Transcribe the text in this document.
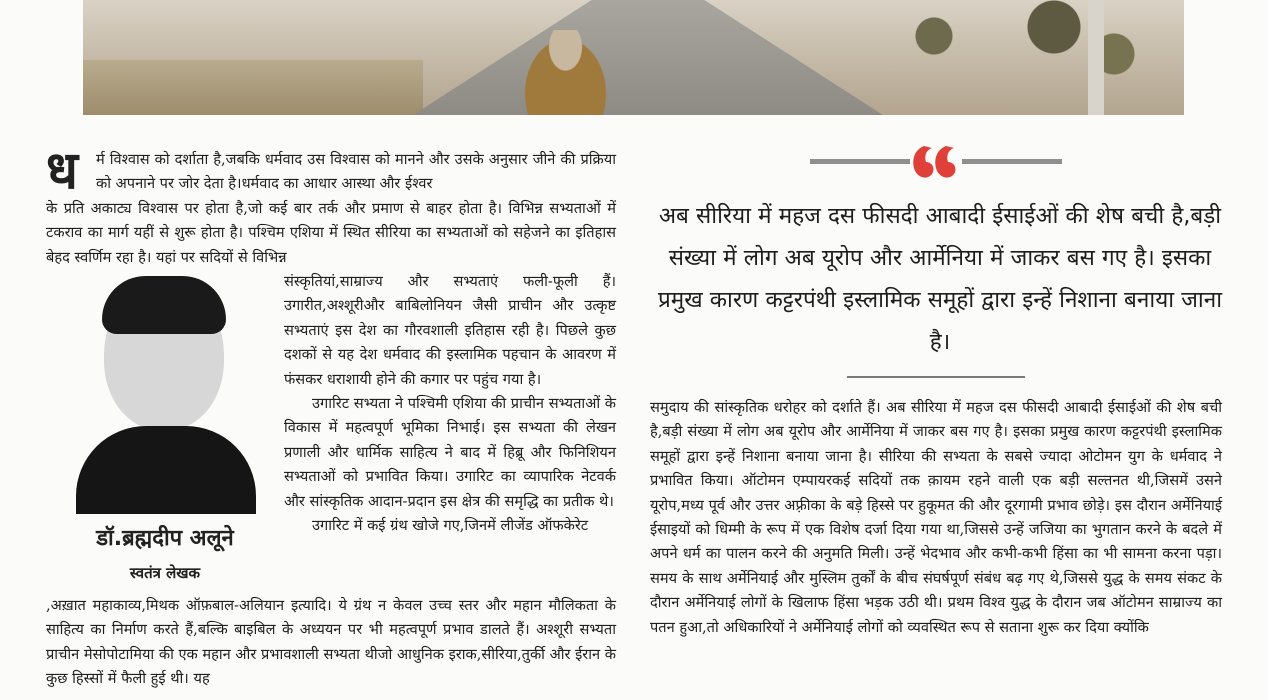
ध	र्म विश्वास को दर्शाता है,जबकि धर्मवाद उस विश्वास को मानने और उसके अनुसार जीने की प्रक्रिया को अपनाने पर जोर देता है।धर्मवाद का आधार आस्था और ईश्वर

के प्रति अकाट्य विश्वास पर होता है,जो कई बार तर्क और प्रमाण से बाहर होता है। विभिन्न सभ्यताओं में टकराव का मार्ग यहीं से शुरू होता है। पश्चिम एशिया में स्थित सीरिया का सभ्यताओं को सहेजने का इतिहास बेहद स्वर्णिम रहा है। यहां पर सदियों से विभिन्न

डॉ.ब्रह्मदीप अलूने
स्वतंत्र लेखक

संस्कृतियां,साम्राज्य और सभ्यताएं फली-फूली हैं। उगारीत,अश्शूरीऔर बाबिलोनियन जैसी प्राचीन और उत्कृष्ट सभ्यताएं इस देश का गौरवशाली इतिहास रही है। पिछले कुछ दशकों से यह देश धर्मवाद की इस्लामिक पहचान के आवरण में फंसकर धराशायी होने की कगार पर पहुंच गया है।

उगारिट सभ्यता ने पश्चिमी एशिया की प्राचीन सभ्यताओं के विकास में महत्वपूर्ण भूमिका निभाई। इस सभ्यता की लेखन प्रणाली और धार्मिक साहित्य ने बाद में हिब्रू और फिनिशियन सभ्यताओं को प्रभावित किया। उगारिट का व्यापारिक नेटवर्क और सांस्कृतिक आदान-प्रदान इस क्षेत्र की समृद्धि का प्रतीक थे।

उगारिट में कई ग्रंथ खोजे गए,जिनमें लीजेंड ऑफकेरेट

,अख़ात महाकाव्य,मिथक ऑफ़बाल-अलियान इत्यादि। ये ग्रंथ न केवल उच्च स्तर और महान मौलिकता के साहित्य का निर्माण करते हैं,बल्कि बाइबिल के अध्ययन पर भी महत्वपूर्ण प्रभाव डालते हैं। अश्शूरी सभ्यता प्राचीन मेसोपोटामिया की एक महान और प्रभावशाली सभ्यता थीजो आधुनिक इराक,सीरिया,तुर्की और ईरान के कुछ हिस्सों में फैली हुई थी। यह

अब सीरिया में महज दस फीसदी आबादी ईसाईओं की शेष बची है,बड़ी संख्या में लोग अब यूरोप और आर्मेनिया में जाकर बस गए है। इसका प्रमुख कारण कट्टरपंथी इस्लामिक समूहों द्वारा इन्हें निशाना बनाया जाना है।

समुदाय की सांस्कृतिक धरोहर को दर्शाते हैं। अब सीरिया में महज दस फीसदी आबादी ईसाईओं की शेष बची है,बड़ी संख्या में लोग अब यूरोप और आर्मेनिया में जाकर बस गए है। इसका प्रमुख कारण कट्टरपंथी इस्लामिक समूहों द्वारा इन्हें निशाना बनाया जाना है। सीरिया की सभ्यता के सबसे ज्यादा ओटोमन युग के धर्मवाद ने प्रभावित किया। ऑटोमन एम्पायरकई सदियों तक क़ायम रहने वाली एक बड़ी सल्तनत थी,जिसमें उसने यूरोप,मध्य पूर्व और उत्तर अफ़्रीका के बड़े हिस्से पर हुकूमत की और दूरगामी प्रभाव छोड़े। इस दौरान अर्मेनियाई ईसाइयों को धिम्मी के रूप में एक विशेष दर्जा दिया गया था,जिससे उन्हें जजिया का भुगतान करने के बदले में अपने धर्म का पालन करने की अनुमति मिली। उन्हें भेदभाव और कभी-कभी हिंसा का भी सामना करना पड़ा। समय के साथ अर्मेनियाई और मुस्लिम तुर्कों के बीच संघर्षपूर्ण संबंध बढ़ गए थे,जिससे युद्ध के समय संकट के दौरान अर्मेनियाई लोगों के खिलाफ हिंसा भड़क उठी थी। प्रथम विश्व युद्ध के दौरान जब ऑटोमन साम्राज्य का पतन हुआ,तो अधिकारियों ने अर्मेनियाई लोगों को व्यवस्थित रूप से सताना शुरू कर दिया क्योंकि
